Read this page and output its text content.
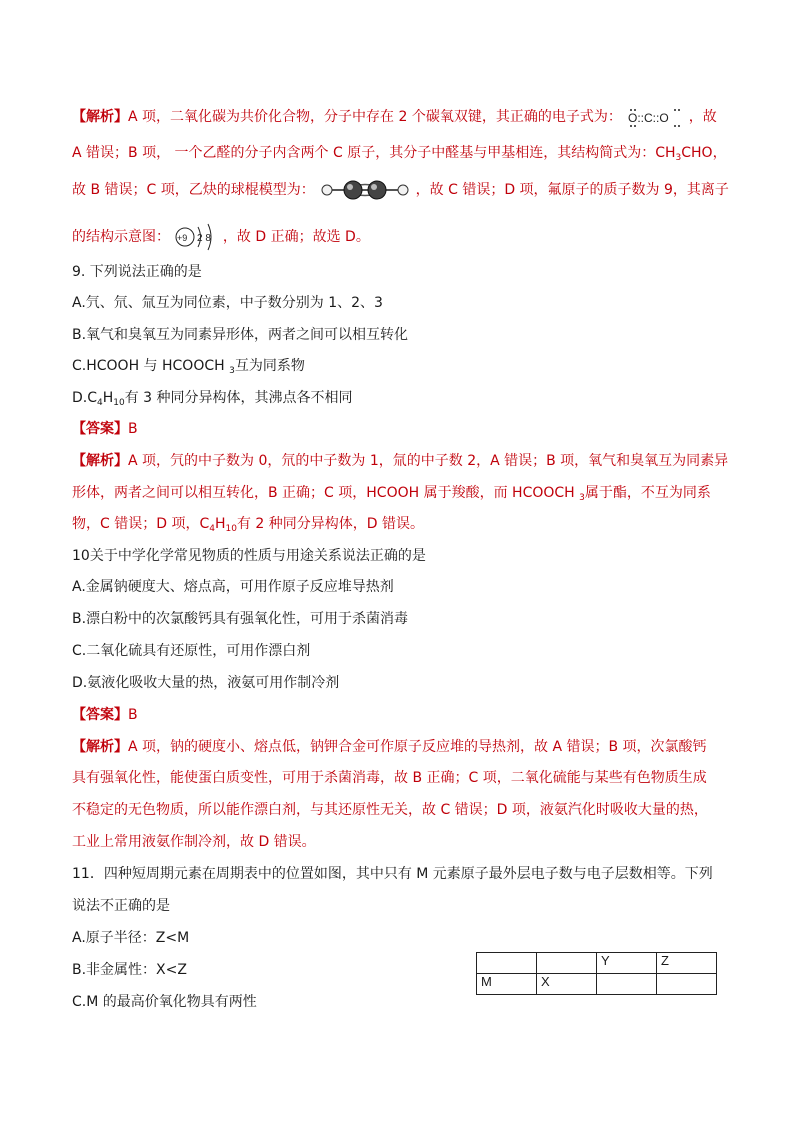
【解析】A 项，二氧化碳为共价化合物，分子中存在 2 个碳氧双键，其正确的电子式为： O::C::O ，故
A 错误；B 项， 一个乙醛的分子内含两个 C 原子，其分子中醛基与甲基相连，其结构简式为：$CH_3CHO$，
故 B 错误；C 项，乙炔的球棍模型为：	，故 C 错误；D 项，氟原子的质子数为 9，其离子
的结构示意图： +9 2 8 ，故 D 正确；故选 D。
9. 下列说法正确的是
A.氕、氘、氚互为同位素，中子数分别为 1、2、3
B.氧气和臭氧互为同素异形体，两者之间可以相互转化
C.HCOOH 与 HCOOCH $_3$互为同系物
$D.C_4H_{10}$有 3 种同分异构体，其沸点各不相同
【答案】B
【解析】A 项，氕的中子数为 0，氘的中子数为 1，氚的中子数 2，A 错误；B 项，氧气和臭氧互为同素异
形体，两者之间可以相互转化，B 正确；C 项，HCOOH 属于羧酸，而 HCOOCH $_3$属于酯，不互为同系
物，C 错误；D 项，$C_4H_{10}$有 2 种同分异构体，D 错误。
10关于中学化学常见物质的性质与用途关系说法正确的是
A.金属钠硬度大、熔点高，可用作原子反应堆导热剂
B.漂白粉中的次氯酸钙具有强氧化性，可用于杀菌消毒
C.二氧化硫具有还原性，可用作漂白剂
D.氨液化吸收大量的热，液氨可用作制冷剂
【答案】B
【解析】A 项，钠的硬度小、熔点低，钠钾合金可作原子反应堆的导热剂，故 A 错误；B 项，次氯酸钙
具有强氧化性，能使蛋白质变性，可用于杀菌消毒，故 B 正确；C 项，二氧化硫能与某些有色物质生成
不稳定的无色物质，所以能作漂白剂，与其还原性无关，故 C 错误；D 项，液氨汽化时吸收大量的热，
工业上常用液氨作制冷剂，故 D 错误。
11．四种短周期元素在周期表中的位置如图，其中只有 M 元素原子最外层电子数与电子层数相等。下列
说法不正确的是
A.原子半径：Z<M
B.非金属性：X<Z
C.M 的最高价氧化物具有两性
		Y	Z
M	X		
